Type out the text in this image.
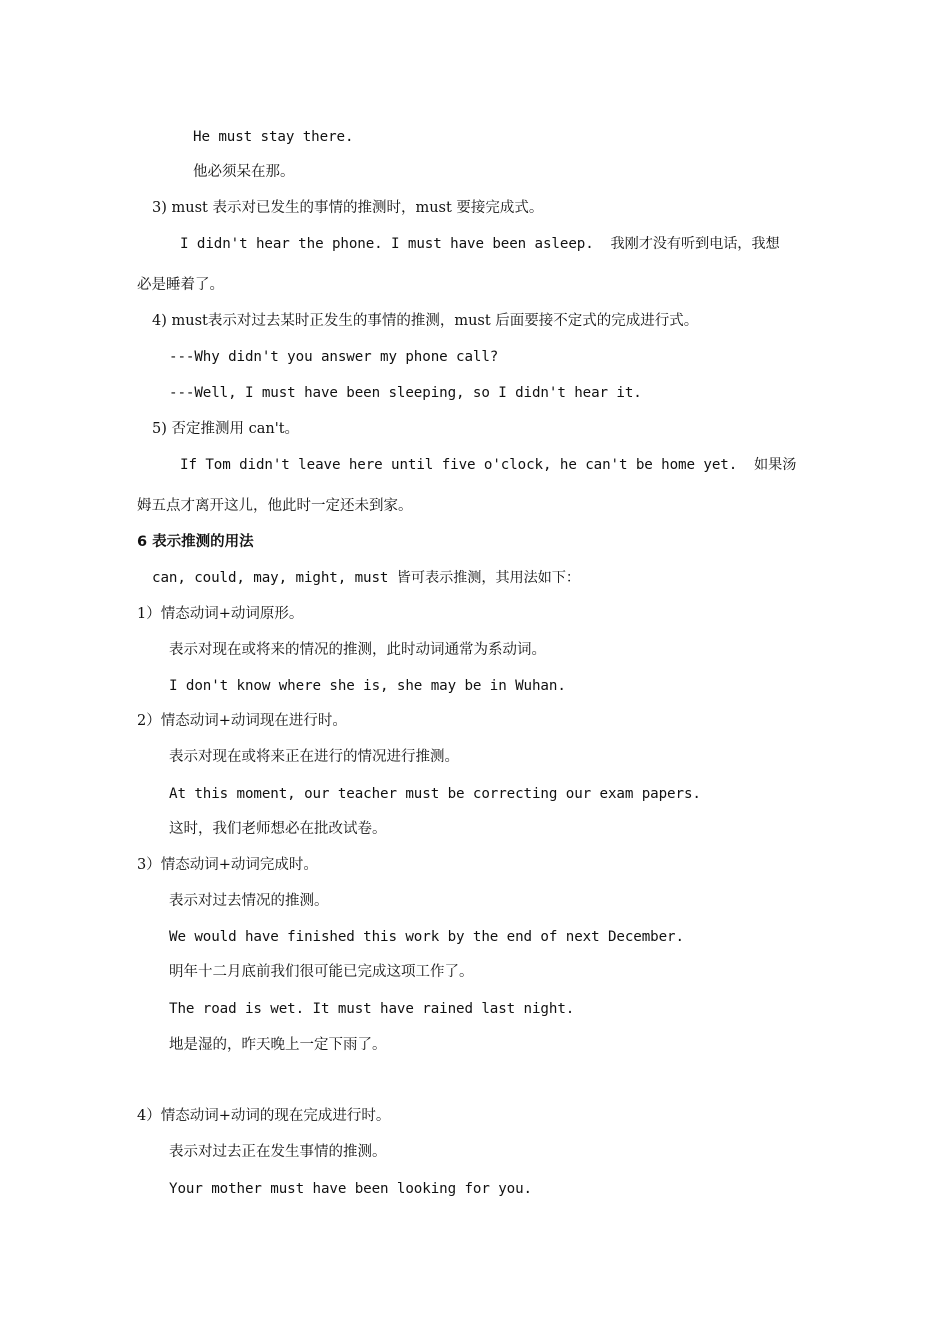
He must stay there.
他必须呆在那。
3) must 表示对已发生的事情的推测时，must 要接完成式。
I didn't hear the phone. I must have been asleep.  我刚才没有听到电话，我想
必是睡着了。
4) must表示对过去某时正发生的事情的推测，must 后面要接不定式的完成进行式。
---Why didn't you answer my phone call?
---Well, I must have been sleeping, so I didn't hear it.
5) 否定推测用 can't。
If Tom didn't leave here until five o'clock, he can't be home yet.  如果汤
姆五点才离开这儿，他此时一定还未到家。
6 表示推测的用法
can, could, may, might, must 皆可表示推测，其用法如下：
1）情态动词+动词原形。
表示对现在或将来的情况的推测，此时动词通常为系动词。
I don't know where she is, she may be in Wuhan.
2）情态动词+动词现在进行时。
表示对现在或将来正在进行的情况进行推测。
At this moment, our teacher must be correcting our exam papers.
这时，我们老师想必在批改试卷。
3）情态动词+动词完成时。
表示对过去情况的推测。
We would have finished this work by the end of next December.
明年十二月底前我们很可能已完成这项工作了。
The road is wet. It must have rained last night.
地是湿的，昨天晚上一定下雨了。
4）情态动词+动词的现在完成进行时。
表示对过去正在发生事情的推测。
Your mother must have been looking for you.
